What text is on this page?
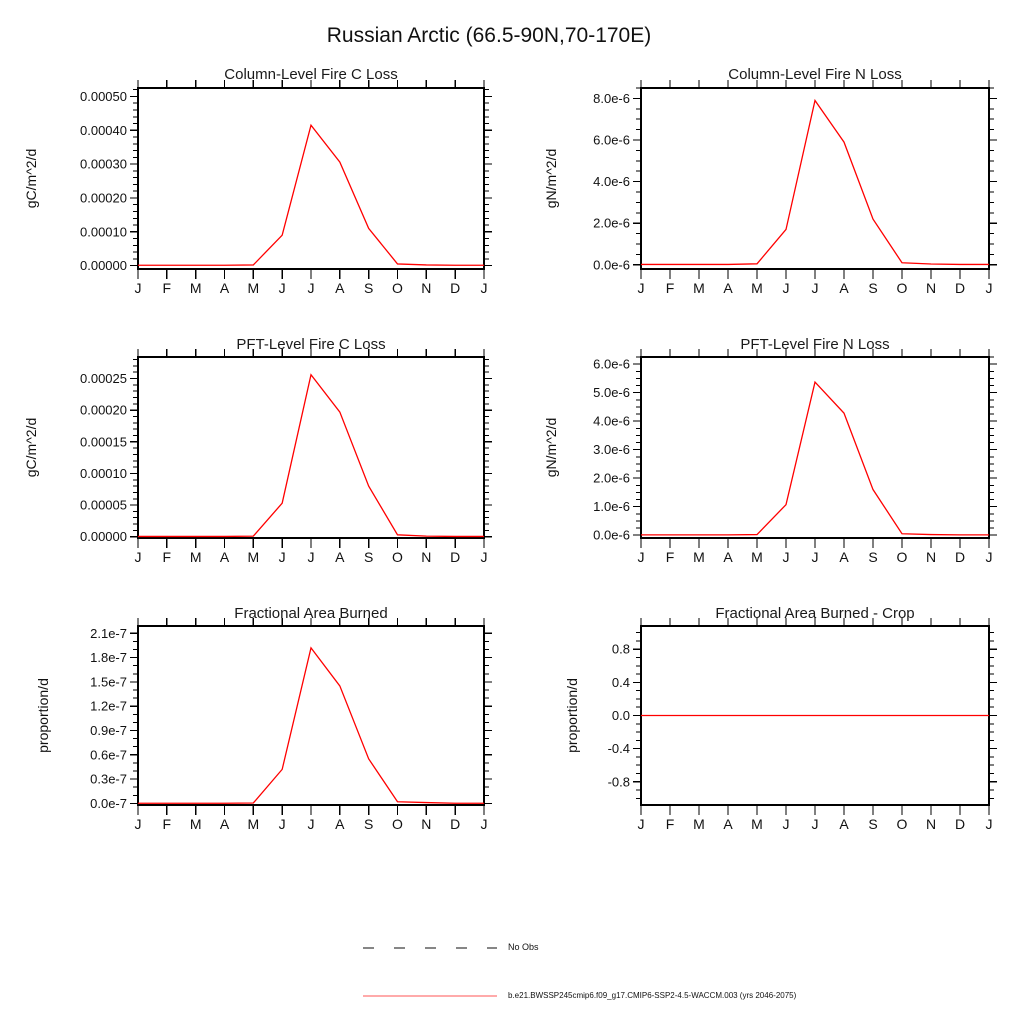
Russian Arctic (66.5-90N,70-170E)
Column-Level Fire C Loss	Column-Level Fire N Loss
PFT-Level Fire C Loss	PFT-Level Fire N Loss
Fractional Area Burned	Fractional Area Burned - Crop
J F M A M J J A S O N D J
0.00000
0.00010
0.00020
0.00030
0.00040
0.00050
gC/m^2/d
J F M A M J J A S O N D J
0.0e-6
2.0e-6
4.0e-6
6.0e-6
8.0e-6
gN/m^2/d
J F M A M J J A S O N D J
0.00000
0.00005
0.00010
0.00015
0.00020
0.00025
gC/m^2/d
J F M A M J J A S O N D J
0.0e-6
1.0e-6
2.0e-6
3.0e-6
4.0e-6
5.0e-6
6.0e-6
gN/m^2/d
J F M A M J J A S O N D J
0.0e-7
0.3e-7
0.6e-7
0.9e-7
1.2e-7
1.5e-7
1.8e-7
2.1e-7
proportion/d
J F M A M J J A S O N D J
-0.8
-0.4
0.0
0.4
0.8
proportion/d
No Obs
b.e21.BWSSP245cmip6.f09_g17.CMIP6-SSP2-4.5-WACCM.003 (yrs 2046-2075)
